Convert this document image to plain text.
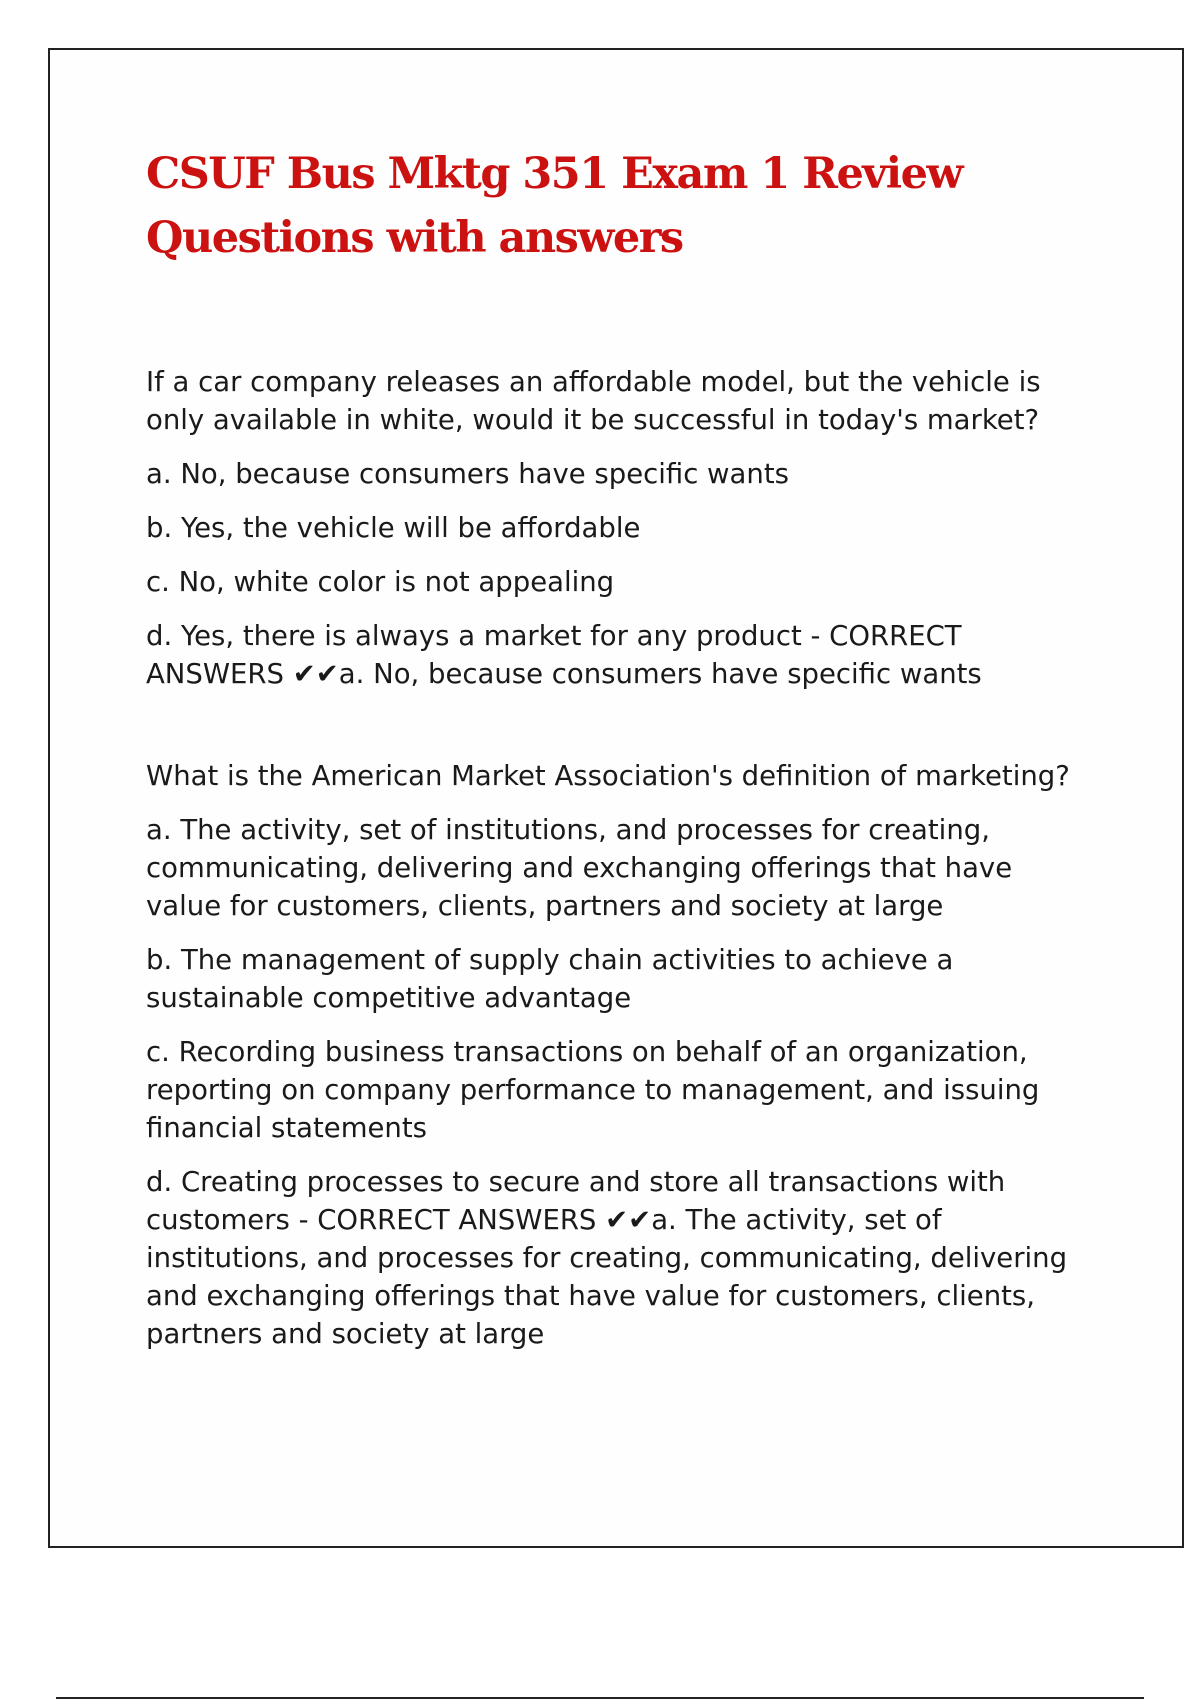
CSUF Bus Mktg 351 Exam 1 Review Questions with answers

If a car company releases an affordable model, but the vehicle is only available in white, would it be successful in today's market?

a. No, because consumers have specific wants

b. Yes, the vehicle will be affordable

c. No, white color is not appealing

d. Yes, there is always a market for any product - CORRECT ANSWERS ✔✔a. No, because consumers have specific wants

What is the American Market Association's definition of marketing?

a. The activity, set of institutions, and processes for creating, communicating, delivering and exchanging offerings that have value for customers, clients, partners and society at large

b. The management of supply chain activities to achieve a sustainable competitive advantage

c. Recording business transactions on behalf of an organization, reporting on company performance to management, and issuing financial statements

d. Creating processes to secure and store all transactions with customers - CORRECT ANSWERS ✔✔a. The activity, set of institutions, and processes for creating, communicating, delivering and exchanging offerings that have value for customers, clients, partners and society at large
